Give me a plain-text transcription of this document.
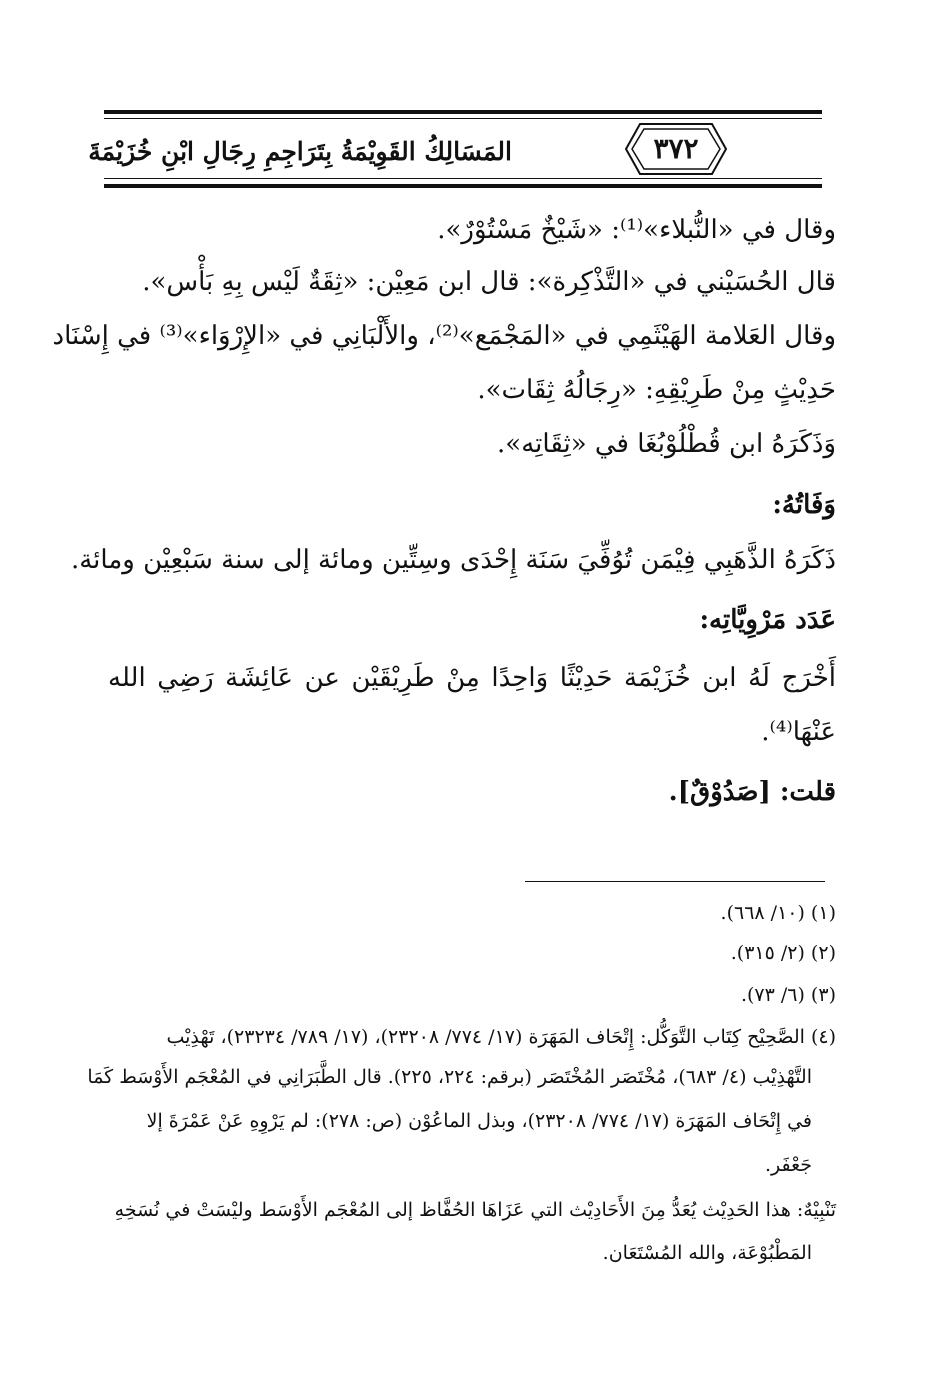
٣٧٢
المَسَالِكُ القَوِيْمَةُ بِتَرَاجِمِ رِجَالِ ابْنِ خُزَيْمَةَ
وقال في «النُّبلاء»⁽¹⁾: «شَيْخٌ مَسْتُوْرٌ».
قال الحُسَيْني في «التَّذْكِرة»: قال ابن مَعِيْن: «ثِقَةٌ لَيْس بِهِ بَأْس».
وقال العَلامة الهَيْثَمِي في «المَجْمَع»⁽²⁾، والأَلْبَانِي في «الإِرْوَاء»⁽³⁾ في إِسْنَاد
حَدِيْثٍ مِنْ طَرِيْقِهِ: «رِجَالُهُ ثِقَات».
وَذَكَرَهُ ابن قُطْلُوْبُغَا في «ثِقَاتِه».
وَفَاتُهُ:
ذَكَرَهُ الذَّهَبِي فِيْمَن تُوُفِّيَ سَنَة إِحْدَى وسِتِّين ومائة إلى سنة سَبْعِيْن ومائة.
عَدَد مَرْوِيَّاتِه:
أَخْرَج لَهُ ابن خُزَيْمَة حَدِيْثًا وَاحِدًا مِنْ طَرِيْقَيْن عن عَائِشَة رَضِي الله
عَنْهَا⁽⁴⁾.
قلت: [صَدُوْقٌ].
(١) (١٠/ ٦٦٨).
(٢) (٢/ ٣١٥).
(٣) (٦/ ٧٣).
(٤) الصَّحِيْح كِتَاب التَّوَكُّل: إِتْحَاف المَهَرَة (١٧/ ٧٧٤/ ٢٣٢٠٨)، (١٧/ ٧٨٩/ ٢٣٢٣٤)، تَهْذِيْب
التَّهْذِيْب (٤/ ٦٨٣)، مُخْتَصَر المُخْتَصَر (برقم: ٢٢٤، ٢٢٥). قال الطَّبَرَانِي في المُعْجَم الأَوْسَط كَمَا
في إِتْحَاف المَهَرَة (١٧/ ٧٧٤/ ٢٣٢٠٨)، وبذل الماعُوْن (ص: ٢٧٨): لم يَرْوِهِ عَنْ عَمْرَةَ إلا
جَعْفَر.
تَنْبِيْهٌ: هذا الحَدِيْث يُعَدُّ مِنَ الأَحَادِيْث التي عَزَاهَا الحُفَّاظ إلى المُعْجَم الأَوْسَط وليْسَتْ في نُسَخِهِ
المَطْبُوْعَة، والله المُسْتَعَان.
